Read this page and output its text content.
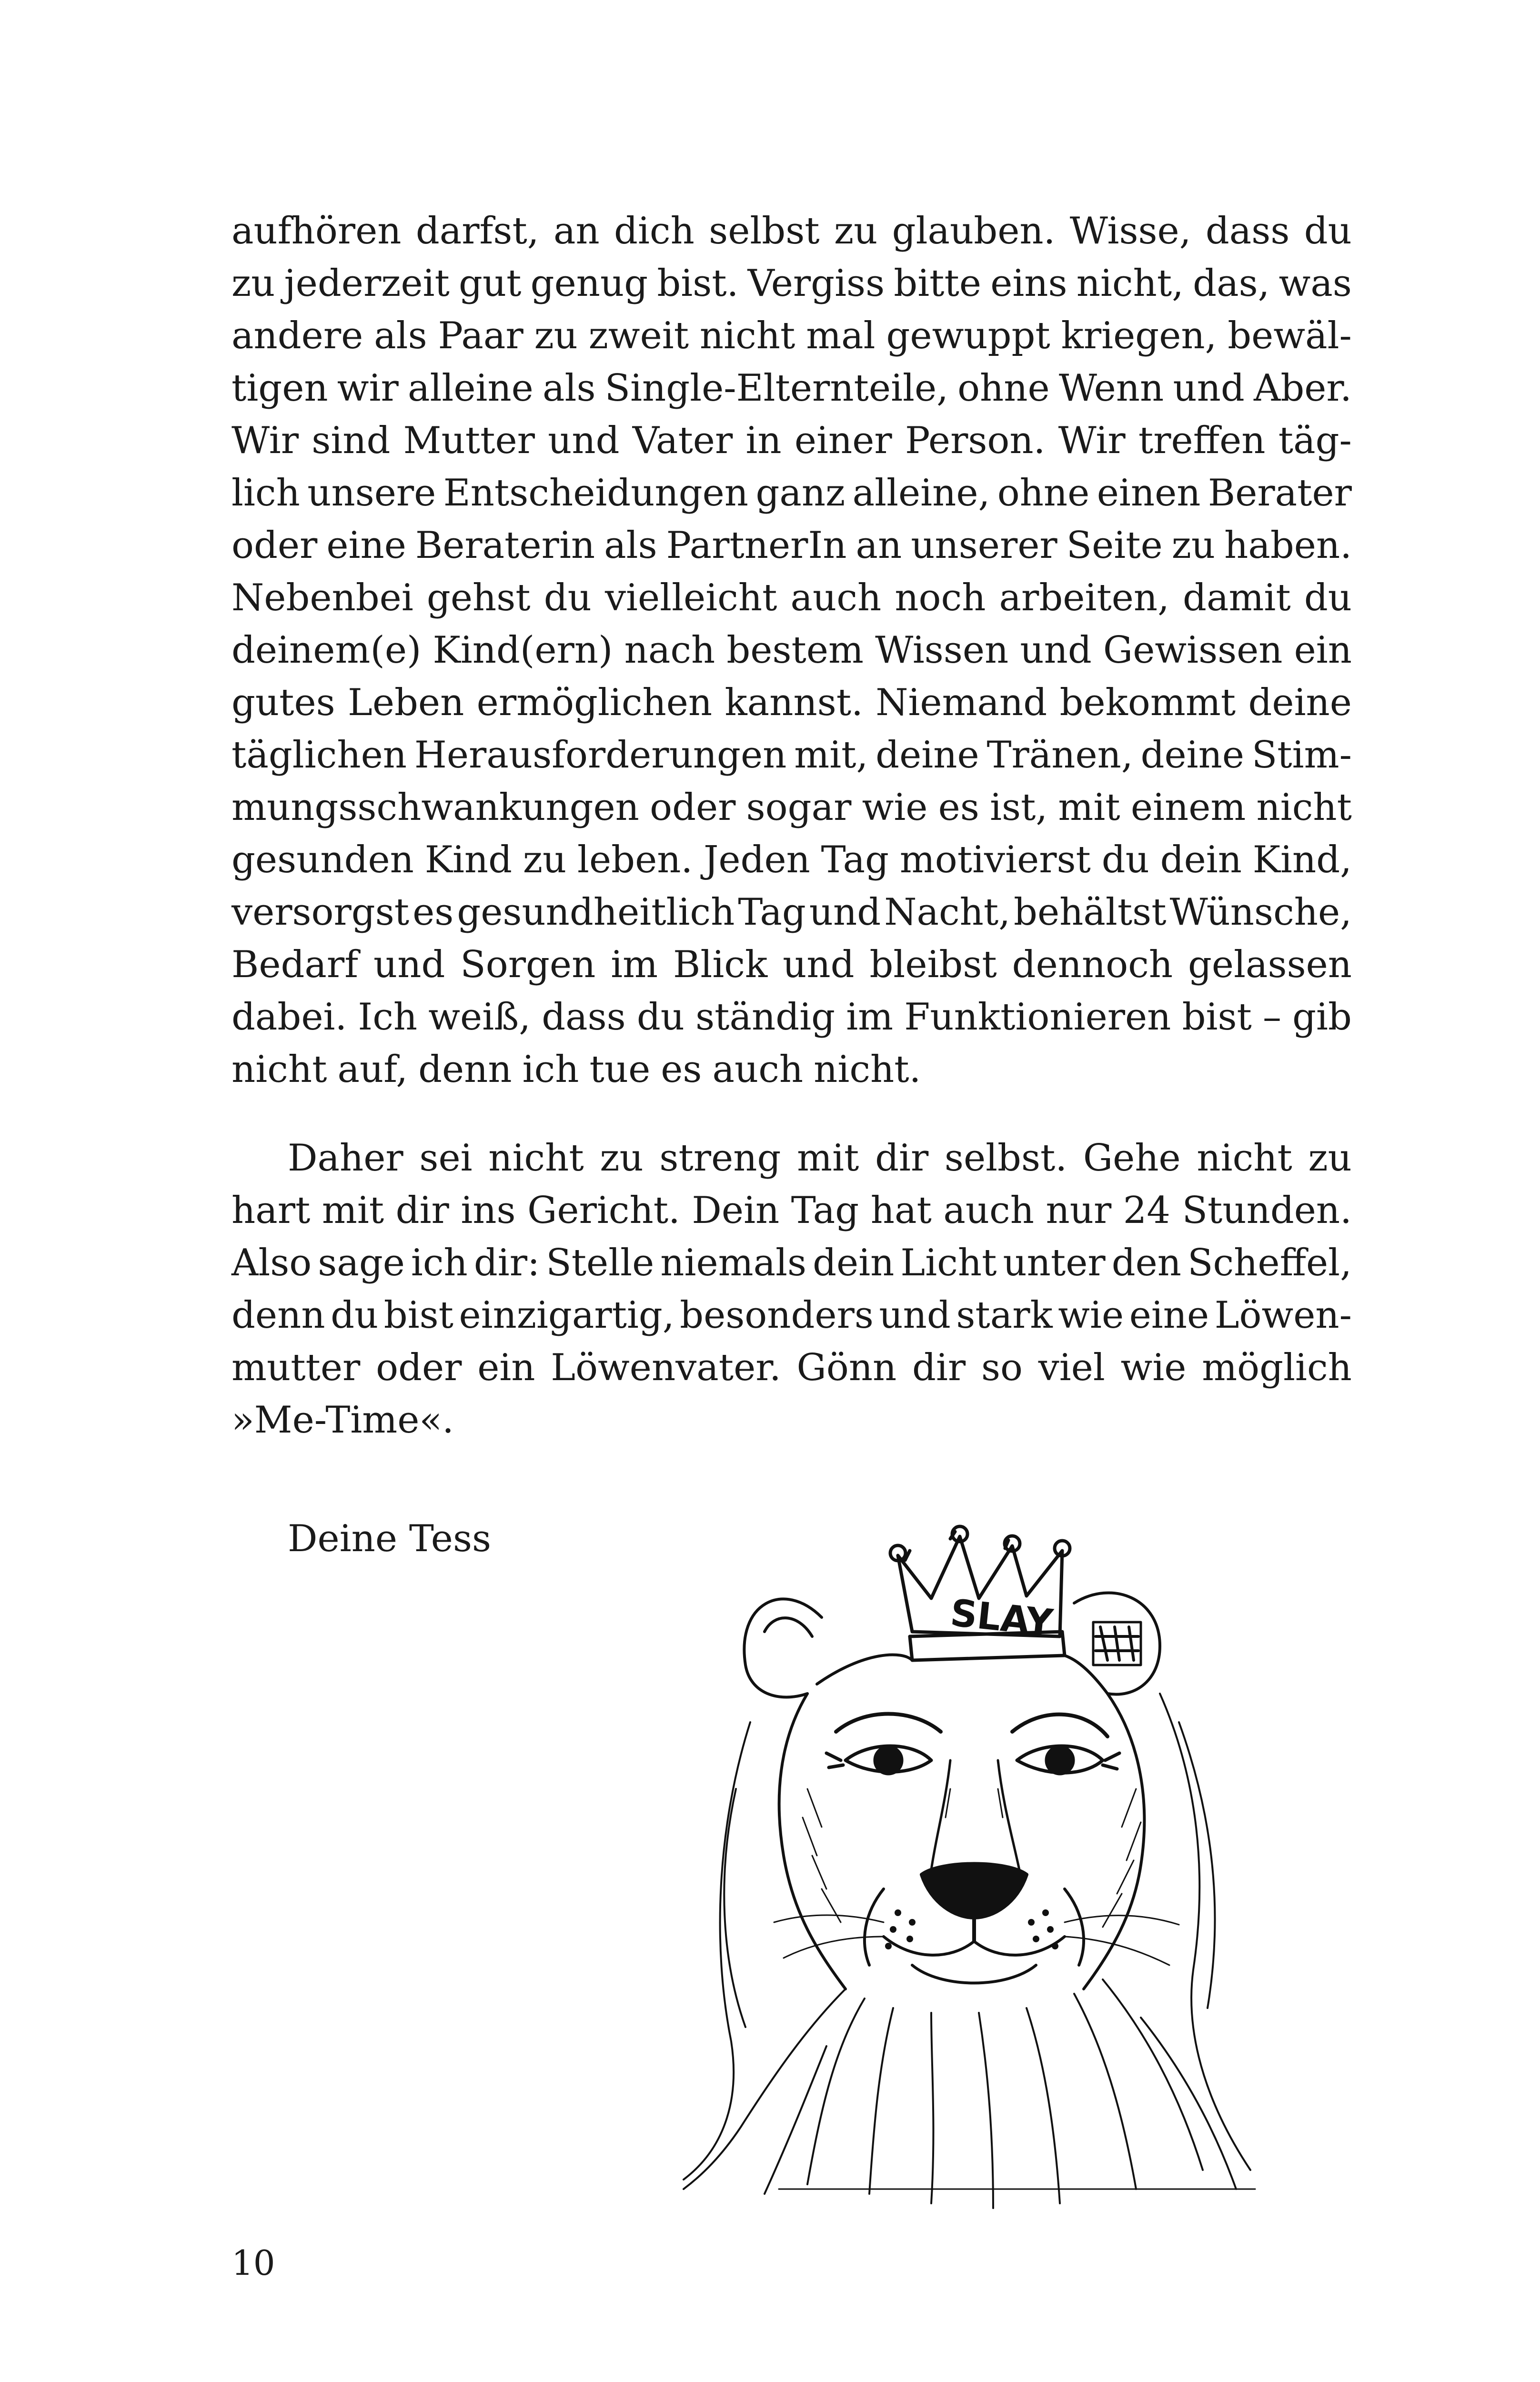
aufhören darfst, an dich selbst zu glauben. Wisse, dass du
zu jederzeit gut genug bist. Vergiss bitte eins nicht, das, was
andere als Paar zu zweit nicht mal gewuppt kriegen, bewäl-
tigen wir alleine als Single-Elternteile, ohne Wenn und Aber.
Wir sind Mutter und Vater in einer Person. Wir treffen täg-
lich unsere Entscheidungen ganz alleine, ohne einen Berater
oder eine Beraterin als PartnerIn an unserer Seite zu haben.
Nebenbei gehst du vielleicht auch noch arbeiten, damit du
deinem(e) Kind(ern) nach bestem Wissen und Gewissen ein
gutes Leben ermöglichen kannst. Niemand bekommt deine
täglichen Herausforderungen mit, deine Tränen, deine Stim-
mungsschwankungen oder sogar wie es ist, mit einem nicht
gesunden Kind zu leben. Jeden Tag motivierst du dein Kind,
versorgst es gesundheitlich Tag und Nacht, behältst Wünsche,
Bedarf und Sorgen im Blick und bleibst dennoch gelassen
dabei. Ich weiß, dass du ständig im Funktionieren bist – gib
nicht auf, denn ich tue es auch nicht.
Daher sei nicht zu streng mit dir selbst. Gehe nicht zu
hart mit dir ins Gericht. Dein Tag hat auch nur 24 Stunden.
Also sage ich dir: Stelle niemals dein Licht unter den Scheffel,
denn du bist einzigartig, besonders und stark wie eine Löwen-
mutter oder ein Löwenvater. Gönn dir so viel wie möglich
»Me-Time«.
Deine Tess
SLAY
10
